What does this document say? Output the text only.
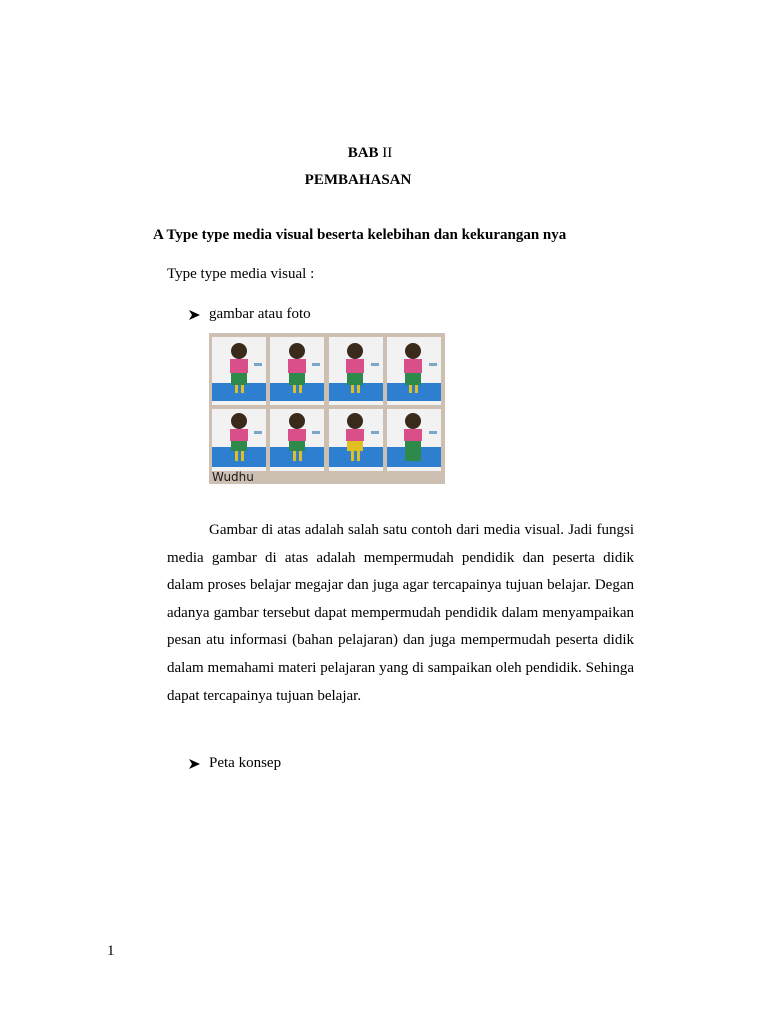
BAB II
PEMBAHASAN
A Type type media visual beserta kelebihan dan kekurangan nya
Type type media visual :
gambar atau foto
Wudhu
Gambar di atas adalah salah satu contoh dari media visual. Jadi fungsi media gambar di atas adalah mempermudah pendidik dan peserta didik dalam proses belajar megajar dan juga agar tercapainya tujuan belajar. Degan adanya gambar tersebut dapat mempermudah pendidik dalam menyampaikan pesan atu informasi (bahan pelajaran) dan juga mempermudah peserta didik dalam memahami materi pelajaran yang di sampaikan oleh pendidik. Sehinga dapat tercapainya tujuan belajar.
Peta konsep
1
